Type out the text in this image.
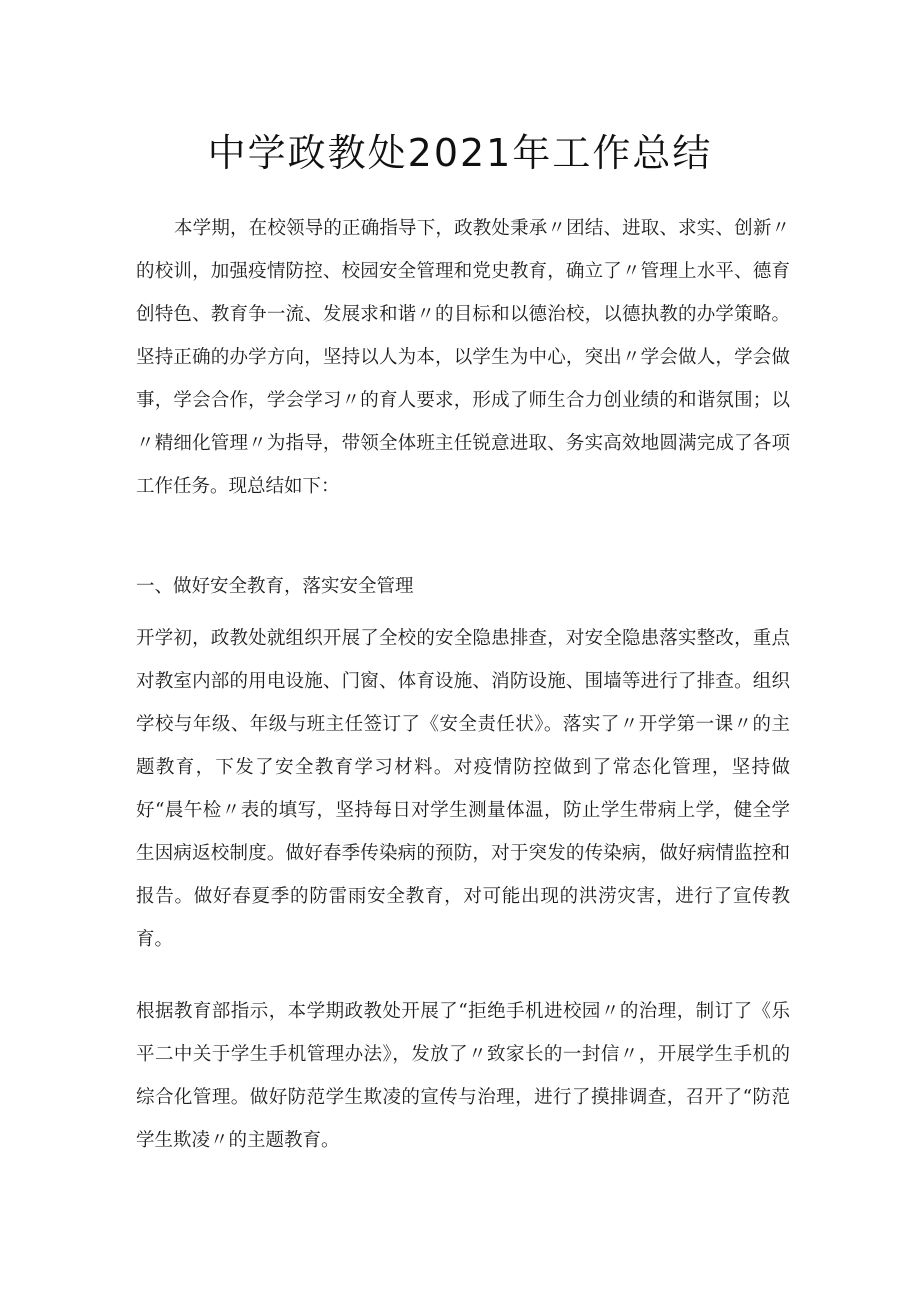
中学政教处2021年工作总结

本学期，在校领导的正确指导下，政教处秉承〃团结、进取、求实、创新〃的校训，加强疫情防控、校园安全管理和党史教育，确立了〃管理上水平、德育创特色、教育争一流、发展求和谐〃的目标和以德治校，以德执教的办学策略。坚持正确的办学方向，坚持以人为本，以学生为中心，突出〃学会做人，学会做事，学会合作，学会学习〃的育人要求，形成了师生合力创业绩的和谐氛围；以〃精细化管理〃为指导，带领全体班主任锐意进取、务实高效地圆满完成了各项工作任务。现总结如下：

一、做好安全教育，落实安全管理

开学初，政教处就组织开展了全校的安全隐患排查，对安全隐患落实整改，重点对教室内部的用电设施、门窗、体育设施、消防设施、围墙等进行了排查。组织学校与年级、年级与班主任签订了《安全责任状》。落实了〃开学第一课〃的主题教育，下发了安全教育学习材料。对疫情防控做到了常态化管理，坚持做好“晨午检〃表的填写，坚持每日对学生测量体温，防止学生带病上学，健全学生因病返校制度。做好春季传染病的预防，对于突发的传染病，做好病情监控和报告。做好春夏季的防雷雨安全教育，对可能出现的洪涝灾害，进行了宣传教育。

根据教育部指示，本学期政教处开展了“拒绝手机进校园〃的治理，制订了《乐平二中关于学生手机管理办法》，发放了〃致家长的一封信〃，开展学生手机的综合化管理。做好防范学生欺凌的宣传与治理，进行了摸排调查，召开了“防范学生欺凌〃的主题教育。
